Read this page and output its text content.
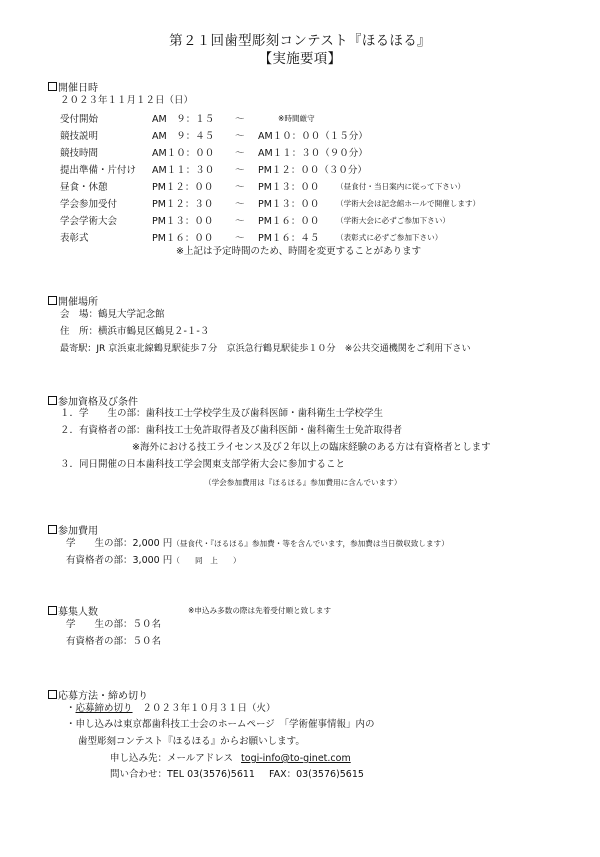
第２１回歯型彫刻コンテスト『ほるほる』
【実施要項】
開催日時
２０２３年１１月１２日（日）
受付開始	AM　９：１５ ～	※時間厳守
競技説明	AM　９：４５ ～ AM１０：００（１５分）
競技時間	AM１０：００ ～ AM１１：３０（９０分）
提出準備・片付け AM１１：３０ ～ PM１２：００（３０分）
昼食・休憩	PM１２：００ ～ PM１３：００ （昼食付・当日案内に従って下さい）
学会参加受付	PM１２：３０ ～ PM１３：００ （学術大会は記念館ホールで開催します）
学会学術大会	PM１３：００ ～ PM１６：００ （学術大会に必ずご参加下さい）
表彰式	PM１６：００ ～ PM１６：４５ （表彰式に必ずご参加下さい）
※上記は予定時間のため、時間を変更することがあります
開催場所
会　場：鶴見大学記念館
住　所：横浜市鶴見区鶴見２-１-３
最寄駅：JR 京浜東北線鶴見駅徒歩７分　京浜急行鶴見駅徒歩１０分　※公共交通機関をご利用下さい
参加資格及び条件
１．学　　生の部：歯科技工士学校学生及び歯科医師・歯科衛生士学校学生
２．有資格者の部：歯科技工士免許取得者及び歯科医師・歯科衛生士免許取得者
※海外における技工ライセンス及び２年以上の臨床経験のある方は有資格者とします
３．同日開催の日本歯科技工学会関東支部学術大会に参加すること
（学会参加費用は『ほるほる』参加費用に含んでいます）
参加費用
学　　生の部：2,000 円（昼食代・『ほるほる』参加費・等を含んでいます，参加費は当日徴収致します）
有資格者の部：3,000 円（　　同　上　　）
募集人数	※申込み多数の際は先着受付順と致します
学　　生の部：５０名
有資格者の部：５０名
応募方法・締め切り
・応募締め切り ２０２３年１０月３１日（火）
・申し込みは東京都歯科技工士会のホームページ　「学術催事情報」内の
歯型彫刻コンテスト『ほるほる』からお願いします。
申し込み先：メールアドレス togi-info@to-ginet.com
問い合わせ：TEL 03(3576)5611 FAX：03(3576)5615
